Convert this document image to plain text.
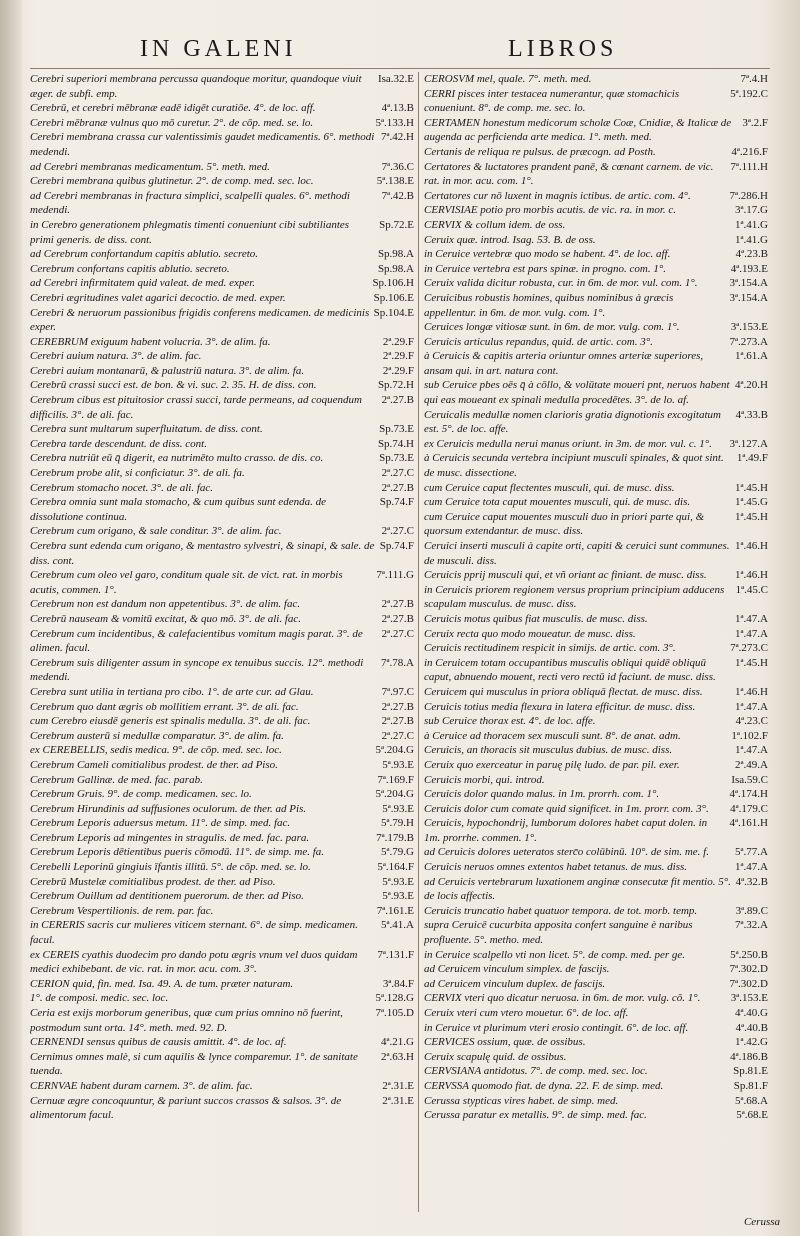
IN GALENI	LIBROS
Isa.32.E
Cerebri superiori membrana percussa quandoque moritur, quandoque viuit æger. de subfi. emp.
4ª.13.B
Cerebrū, et cerebri mēbranæ eadē idigēt curatiōe. 4°. de loc. aff.
5ª.133.H
Cerebri mēbranæ vulnus quo mō curetur. 2°. de cōp. med. se. lo.
7ª.42.H
Cerebri membrana crassa cur valentissimis gaudet medicamentis. 6°. methodi medendi.
7ª.36.C
ad Cerebri membranas medicamentum. 5°. meth. med.
5ª.138.E
Cerebri membrana quibus glutinetur. 2°. de comp. med. sec. loc.
7ª.42.B
ad Cerebri membranas in fractura simplici, scalpelli quales. 6°. methodi medendi.
Sp.72.E
in Cerebro generationem phlegmatis timenti conueniunt cibi subtiliantes primi generis. de diss. cont.
Sp.98.A
ad Cerebrum confortandum capitis ablutio. secreto.
Sp.98.A
Cerebrum confortans capitis ablutio. secreto.
Sp.106.H
ad Cerebri infirmitatem quid valeat. de med. exper.
Sp.106.E
Cerebri ægritudines valet agarici decoctio. de med. exper.
Sp.104.E
Cerebri & neruorum passionibus frigidis conferens medicamen. de medicinis exper.
2ª.29.F
CEREBRUM exiguum habent volucria. 3°. de alim. fa.
2ª.29.F
Cerebri auium natura. 3°. de alim. fac.
2ª.29.F
Cerebri auium montanarū, & palustriū natura. 3°. de alim. fa.
Sp.72.H
Cerebrū crassi succi est. de bon. & vi. suc. 2. 35. H. de diss. con.
2ª.27.B
Cerebrum cibus est pituitosior crassi succi, tarde permeans, ad coquendum difficilis. 3°. de ali. fac.
Sp.73.E
Cerebra sunt multarum superfluitatum. de diss. cont.
Sp.74.H
Cerebra tarde descendunt. de diss. cont.
Sp.73.E
Cerebra nutriūt eū q̄ digerit, ea nutrimēto multo crasso. de dis. co.
2ª.27.C
Cerebrum probe alit, si conficiatur. 3°. de ali. fa.
2ª.27.B
Cerebrum stomacho nocet. 3°. de ali. fac.
Sp.74.F
Cerebra omnia sunt mala stomacho, & cum quibus sunt edenda. de dissolutione continua.
2ª.27.C
Cerebrum cum origano, & sale conditur. 3°. de alim. fac.
Sp.74.F
Cerebra sunt edenda cum origano, & mentastro sylvestri, & sinapi, & sale. de diss. cont.
7ª.111.G
Cerebrum cum oleo vel garo, conditum quale sit. de vict. rat. in morbis acutis, commen. 1°.
2ª.27.B
Cerebrum non est dandum non appetentibus. 3°. de alim. fac.
2ª.27.B
Cerebrū nauseam & vomitū excitat, & quo mō. 3°. de ali. fac.
2ª.27.C
Cerebrum cum incidentibus, & calefacientibus vomitum magis parat. 3°. de alimen. facul.
7ª.78.A
Cerebrum suis diligenter assum in syncope ex tenuibus succis. 12°. methodi medendi.
7ª.97.C
Cerebra sunt utilia in tertiana pro cibo. 1°. de arte cur. ad Glau.
2ª.27.B
Cerebrum quo dant ægris ob mollitiem errant. 3°. de ali. fac.
2ª.27.B
cum Cerebro eiusdē generis est spinalis medulla. 3°. de ali. fac.
2ª.27.C
Cerebrum austerū si medullæ comparatur. 3°. de alim. fa.
5ª.204.G
ex CEREBELLIS, sedis medica. 9°. de cōp. med. sec. loc.
5ª.93.E
Cerebrum Cameli comitialibus prodest. de ther. ad Piso.
7ª.169.F
Cerebrum Gallinæ. de med. fac. parab.
5ª.204.G
Cerebrum Gruis. 9°. de comp. medicamen. sec. lo.
5ª.93.E
Cerebrum Hirundinis ad suffusiones oculorum. de ther. ad Pis.
5ª.79.H
Cerebrum Leporis aduersus metum. 11°. de simp. med. fac.
7ª.179.B
Cerebrum Leporis ad mingentes in stragulis. de med. fac. para.
5ª.79.G
Cerebrum Leporis dētientibus pueris cōmodū. 11°. de simp. me. fa.
5ª.164.F
Cerebelli Leporinū gingiuis īfantis illitū. 5°. de cōp. med. se. lo.
5ª.93.E
Cerebrū Mustelæ comitialibus prodest. de ther. ad Piso.
5ª.93.E
Cerebrum Ouillum ad dentitionem puerorum. de ther. ad Piso.
7ª.161.E
Cerebrum Vespertilionis. de rem. par. fac.
5ª.41.A
in CERERIS sacris cur mulieres viticem sternant. 6°. de simp. medicamen. facul.
7ª.131.F
ex CEREIS cyathis duodecim pro dando potu ægris vnum vel duos quidam medici exhibebant. de vic. rat. in mor. acu. com. 3°.
3ª.84.F
CERION quid, fin. med. Isa. 49. A. de tum. præter naturam.
5ª.128.G
1°. de composi. medic. sec. loc.
7ª.105.D
Ceria est exijs morborum generibus, quæ cum prius omnino nō fuerint, postmodum sunt orta. 14°. meth. med. 92. D.
4ª.21.G
CERNENDI sensus quibus de causis amittit. 4°. de loc. af.
2ª.63.H
Cernimus omnes malè, si cum aquilis & lynce comparemur. 1°. de sanitate tuenda.
2ª.31.E
CERNVAE habent duram carnem. 3°. de alim. fac.
2ª.31.E
Cernuæ ægre concoquuntur, & pariunt succos crassos & salsos. 3°. de alimentorum facul.
7ª.4.H
CEROSVM mel, quale. 7°. meth. med.
5ª.192.C
CERRI pisces inter testacea numerantur, quæ stomachicis conueniunt. 8°. de comp. me. sec. lo.
3ª.2.F
CERTAMEN honestum medicorum scholæ Coæ, Cnidiæ, & Italicæ de augenda ac perficienda arte medica. 1°. meth. med.
4ª.216.F
Certanis de reliqua re pulsus. de præcogn. ad Posth.
7ª.111.H
Certatores & luctatores prandent panē, & cœnant carnem. de vic. rat. in mor. acu. com. 1°.
7ª.286.H
Certatores cur nō luxent in magnis ictibus. de artic. com. 4°.
3ª.17.G
CERVISIAE potio pro morbis acutis. de vic. ra. in mor. c.
1ª.41.G
CERVIX & collum idem. de oss.
1ª.41.G
Ceruix quæ. introd. Isag. 53. B. de oss.
4ª.23.B
in Ceruice vertebræ quo modo se habent. 4°. de loc. aff.
4ª.193.E
in Ceruice vertebra est pars spinæ. in progno. com. 1°.
3ª.154.A
Ceruix valida dicitur robusta, cur. in 6m. de mor. vul. com. 1°.
3ª.154.A
Ceruicibus robustis homines, quibus nominibus à græcis appellentur. in 6m. de mor. vulg. com. 1°.
3ª.153.E
Ceruices longæ vitiosæ sunt. in 6m. de mor. vulg. com. 1°.
7ª.273.A
Ceruicis articulus repandus, quid. de artic. com. 3°.
1ª.61.A
à Ceruicis & capitis arteria oriuntur omnes arteriæ superiores, ansam qui. in art. natura cont.
4ª.20.H
sub Ceruice pbes oēs q̄ à cōllo, & volūtate moueri pnt, neruos habent qui eas moueant ex spinali medulla procedētes. 3°. de lo. af.
4ª.33.B
Ceruicalis medullæ nomen clarioris gratia dignotionis excogitatum est. 5°. de loc. affe.
3ª.127.A
ex Ceruicis medulla nerui manus oriunt. in 3m. de mor. vul. c. 1°.
1ª.49.F
à Ceruicis secunda vertebra incipiunt musculi spinales, & quot sint. de musc. dissectione.
1ª.45.H
cum Ceruice caput flectentes musculi, qui. de musc. diss.
1ª.45.G
cum Ceruice tota caput mouentes musculi, qui. de musc. dis.
1ª.45.H
cum Ceruice caput mouentes musculi duo in priori parte qui, & quorsum extendantur. de musc. diss.
1ª.46.H
Ceruici inserti musculi à capite orti, capiti & ceruici sunt communes. de musculi. diss.
1ª.46.H
Ceruicis pprij musculi qui, et vñ oriant ac finiant. de musc. diss.
1ª.45.C
in Ceruicis priorem regionem versus proprium principium adducens scapulam musculus. de musc. diss.
1ª.47.A
Ceruicis motus quibus fiat musculis. de musc. diss.
1ª.47.A
Ceruix recta quo modo moueatur. de musc. diss.
7ª.273.C
Ceruicis rectitudinem respicit in simijs. de artic. com. 3°.
1ª.45.H
in Ceruicem totam occupantibus musculis obliqui quidē obliquū caput, abnuendo mouent, recti vero rectū id faciunt. de musc. diss.
1ª.46.H
Ceruicem qui musculus in priora obliquā flectat. de musc. diss.
1ª.47.A
Ceruicis totius media flexura in latera efficitur. de musc. diss.
4ª.23.C
sub Ceruice thorax est. 4°. de loc. affe.
1ª.102.F
à Ceruice ad thoracem sex musculi sunt. 8°. de anat. adm.
1ª.47.A
Ceruicis, an thoracis sit musculus dubius. de musc. diss.
2ª.49.A
Ceruix quo exerceatur in paruę pilę ludo. de par. pil. exer.
Isa.59.C
Ceruicis morbi, qui. introd.
4ª.174.H
Ceruicis dolor quando malus. in 1m. prorrh. com. 1°.
4ª.179.C
Ceruicis dolor cum comate quid significet. in 1m. prorr. com. 3°.
4ª.161.H
Ceruicis, hypochondrij, lumborum dolores habet caput dolen. in 1m. prorrhe. commen. 1°.
5ª.77.A
ad Ceruicis dolores ueteratos sterc̄o colūbinū. 10°. de sim. me. f.
1ª.47.A
Ceruicis neruos omnes extentos habet tetanus. de mus. diss.
4ª.32.B
ad Ceruicis vertebrarum luxationem anginæ consecutæ fit mentio. 5°. de locis affectis.
3ª.89.C
Ceruicis truncatio habet quatuor tempora. de tot. morb. temp.
7ª.32.A
supra Ceruicē cucurbita apposita confert sanguine è naribus profluente. 5°. metho. med.
5ª.250.B
in Ceruice scalpello vti non licet. 5°. de comp. med. per ge.
7ª.302.D
ad Ceruicem vinculum simplex. de fascijs.
7ª.302.D
ad Ceruicem vinculum duplex. de fascijs.
3ª.153.E
CERVIX vteri quo dicatur neruosa. in 6m. de mor. vulg. cō. 1°.
4ª.40.G
Ceruix vteri cum vtero mouetur. 6°. de loc. aff.
4ª.40.B
in Ceruice vt plurimum vteri erosio contingit. 6°. de loc. aff.
1ª.42.G
CERVICES ossium, quæ. de ossibus.
4ª.186.B
Ceruix scapulę quid. de ossibus.
Sp.81.E
CERVSIANA antidotus. 7°. de comp. med. sec. loc.
Sp.81.F
CERVSSA quomodo fiat. de dyna. 22. F. de simp. med.
5ª.68.A
Cerussa stypticas vires habet. de simp. med.
5ª.68.E
Cerussa paratur ex metallis. 9°. de simp. med. fac.
Cerussa
